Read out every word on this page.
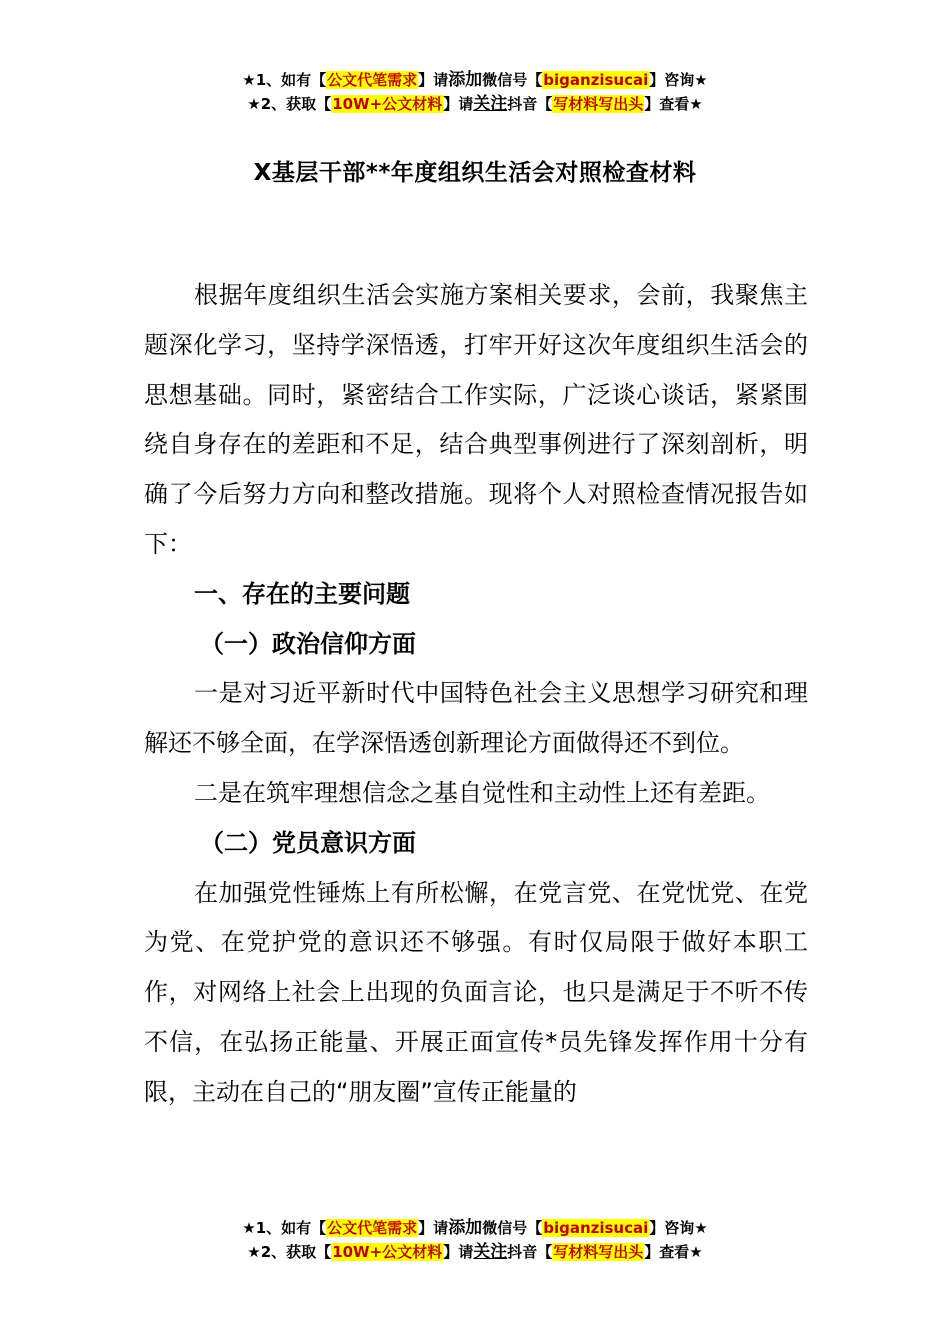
★1、如有【公文代笔需求】请添加微信号【biganzisucai】咨询★
★2、获取【10W+公文材料】请关注抖音【写材料写出头】查看★
X基层干部**年度组织生活会对照检查材料

根据年度组织生活会实施方案相关要求，会前，我聚焦主题深化学习，坚持学深悟透，打牢开好这次年度组织生活会的思想基础。同时，紧密结合工作实际，广泛谈心谈话，紧紧围绕自身存在的差距和不足，结合典型事例进行了深刻剖析，明确了今后努力方向和整改措施。现将个人对照检查情况报告如下：

一、存在的主要问题

（一）政治信仰方面

一是对习近平新时代中国特色社会主义思想学习研究和理解还不够全面，在学深悟透创新理论方面做得还不到位。

二是在筑牢理想信念之基自觉性和主动性上还有差距。

（二）党员意识方面

在加强党性锤炼上有所松懈，在党言党、在党忧党、在党为党、在党护党的意识还不够强。有时仅局限于做好本职工作，对网络上社会上出现的负面言论，也只是满足于不听不传不信，在弘扬正能量、开展正面宣传*员先锋发挥作用十分有限，主动在自己的“朋友圈”宣传正能量的

★1、如有【公文代笔需求】请添加微信号【biganzisucai】咨询★
★2、获取【10W+公文材料】请关注抖音【写材料写出头】查看★
